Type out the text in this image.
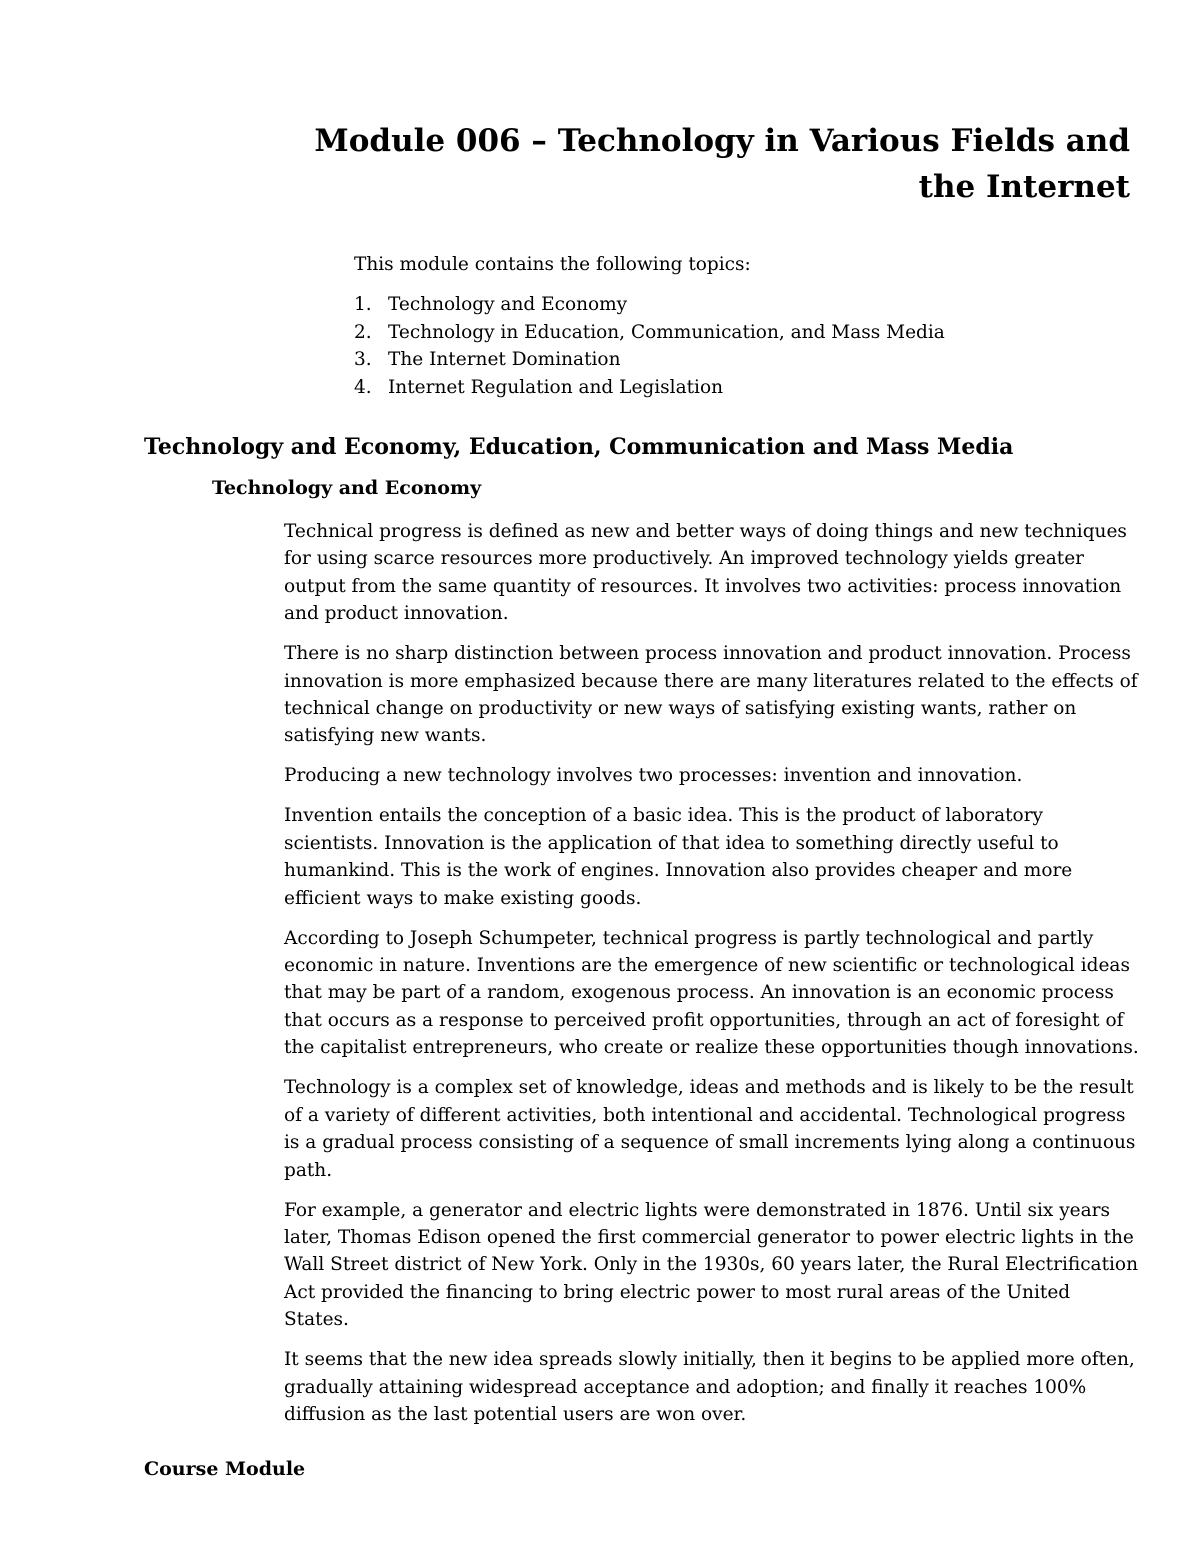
Module 006 – Technology in Various Fields and
the Internet

This module contains the following topics:

1. Technology and Economy
2. Technology in Education, Communication, and Mass Media
3. The Internet Domination
4. Internet Regulation and Legislation
Technology and Economy, Education, Communication and Mass Media
Technology and Economy

Technical progress is defined as new and better ways of doing things and new techniques for using scarce resources more productively. An improved technology yields greater output from the same quantity of resources. It involves two activities: process innovation and product innovation.

There is no sharp distinction between process innovation and product innovation. Process innovation is more emphasized because there are many literatures related to the effects of technical change on productivity or new ways of satisfying existing wants, rather on satisfying new wants.

Producing a new technology involves two processes: invention and innovation.

Invention entails the conception of a basic idea. This is the product of laboratory scientists. Innovation is the application of that idea to something directly useful to humankind. This is the work of engines. Innovation also provides cheaper and more efficient ways to make existing goods.

According to Joseph Schumpeter, technical progress is partly technological and partly economic in nature. Inventions are the emergence of new scientific or technological ideas that may be part of a random, exogenous process. An innovation is an economic process that occurs as a response to perceived profit opportunities, through an act of foresight of the capitalist entrepreneurs, who create or realize these opportunities though innovations.

Technology is a complex set of knowledge, ideas and methods and is likely to be the result of a variety of different activities, both intentional and accidental. Technological progress is a gradual process consisting of a sequence of small increments lying along a continuous path.

For example, a generator and electric lights were demonstrated in 1876. Until six years later, Thomas Edison opened the first commercial generator to power electric lights in the Wall Street district of New York. Only in the 1930s, 60 years later, the Rural Electrification Act provided the financing to bring electric power to most rural areas of the United States.

It seems that the new idea spreads slowly initially, then it begins to be applied more often, gradually attaining widespread acceptance and adoption; and finally it reaches 100% diffusion as the last potential users are won over.

Course Module
